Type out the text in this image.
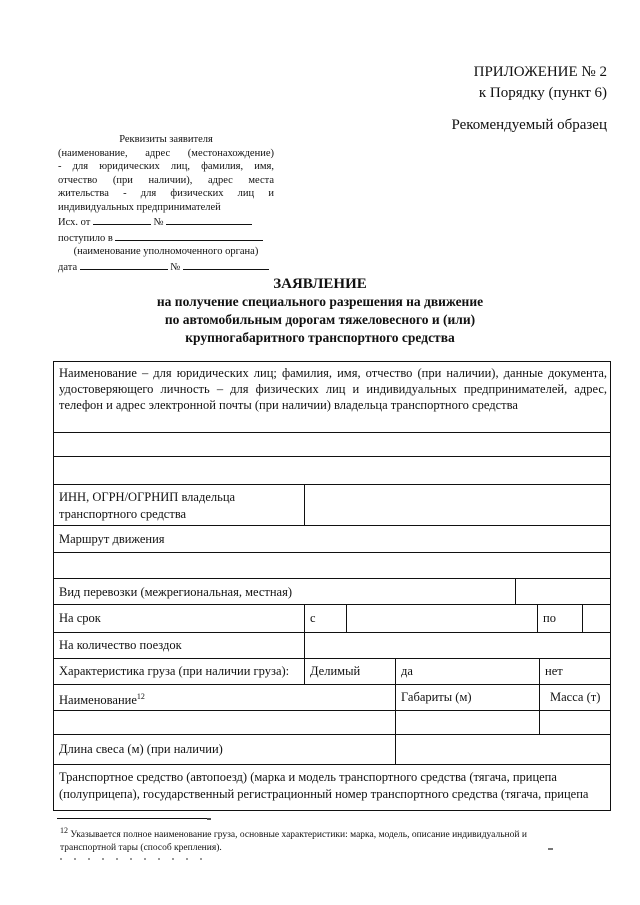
ПРИЛОЖЕНИЕ № 2
к Порядку (пункт 6)
Рекомендуемый образец
Реквизиты заявителя
(наименование, адрес (местонахождение)
- для юридических лиц, фамилия, имя,
отчество (при наличии), адрес места
жительства - для физических лиц и
индивидуальных предпринимателей
Исх. от	№
поступило в
(наименование уполномоченного органа)
дата	№
ЗАЯВЛЕНИЕ
на получение специального разрешения на движение
по автомобильным дорогам тяжеловесного и (или)
крупногабаритного транспортного средства
Наименование – для юридических лиц; фамилия, имя, отчество (при наличии), данные документа, удостоверяющего личность – для физических лиц и индивидуальных предпринимателей, адрес, телефон и адрес электронной почты (при наличии) владельца транспортного средства
ИНН, ОГРН/ОГРНИП владельца
транспортного средства
Маршрут движения
Вид перевозки (межрегиональная, местная)
На срок	с	по
На количество поездок
Характеристика груза (при наличии груза): Делимый	да	нет
Наименование$^{12}$	Габариты (м)	Масса (т)
Длина свеса (м) (при наличии)
Транспортное средство (автопоезд) (марка и модель транспортного средства (тягача, прицепа
(полуприцепа), государственный регистрационный номер транспортного средства (тягача, прицепа
$^{12}$ Указывается полное наименование груза, основные характеристики: марка, модель, описание индивидуальной и
транспортной тары (способ крепления).
